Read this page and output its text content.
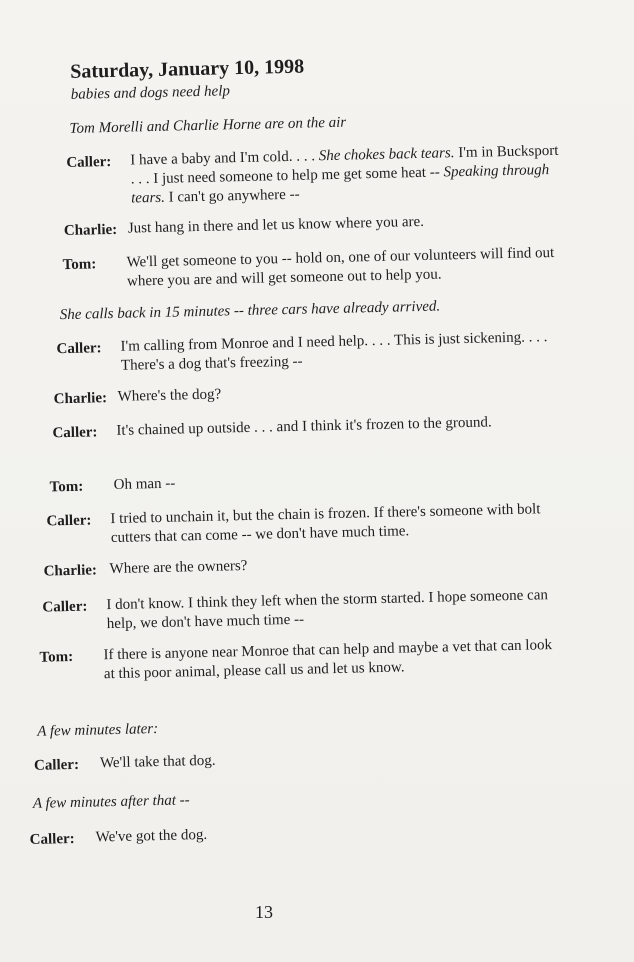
Saturday, January 10, 1998

babies and dogs need help

Tom Morelli and Charlie Horne are on the air

Caller: I have a baby and I'm cold. . . . She chokes back tears. I'm in Bucksport . . . I just need someone to help me get some heat -- Speaking through tears. I can't go anywhere --
Charlie: Just hang in there and let us know where you are.
Tom: We'll get someone to you -- hold on, one of our volunteers will find out where you are and will get someone out to help you.

She calls back in 15 minutes -- three cars have already arrived.

Caller: I'm calling from Monroe and I need help. . . . This is just sickening. . . . There's a dog that's freezing --
Charlie: Where's the dog?
Caller: It's chained up outside . . . and I think it's frozen to the ground.
Tom: Oh man --
Caller: I tried to unchain it, but the chain is frozen. If there's someone with bolt cutters that can come -- we don't have much time.
Charlie: Where are the owners?
Caller: I don't know. I think they left when the storm started. I hope someone can help, we don't have much time --
Tom: If there is anyone near Monroe that can help and maybe a vet that can look at this poor animal, please call us and let us know.

A few minutes later:

Caller: We'll take that dog.

A few minutes after that --

Caller: We've got the dog.
13
